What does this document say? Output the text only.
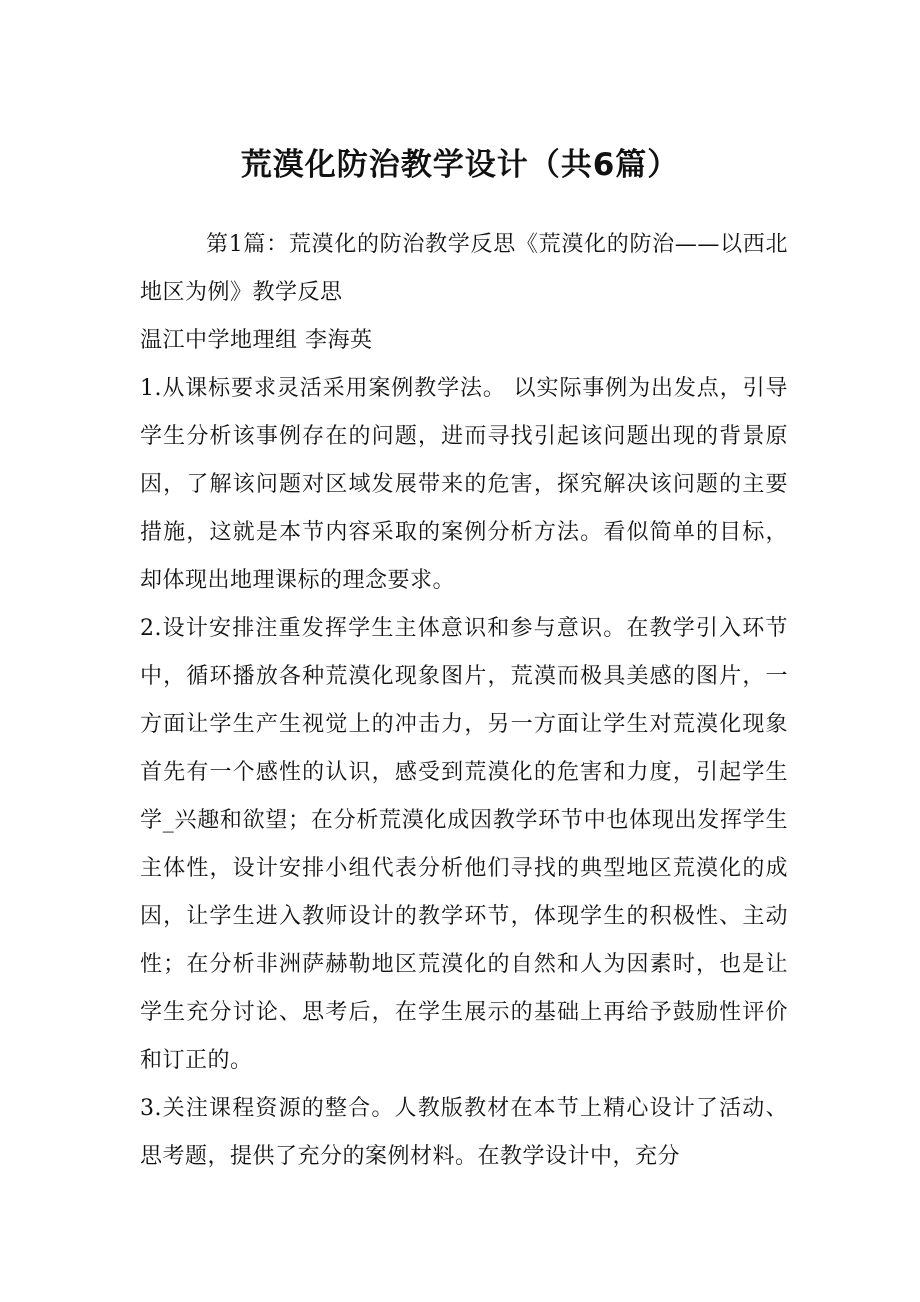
荒漠化防治教学设计（共6篇）

第1篇：荒漠化的防治教学反思《荒漠化的防治——以西北地区为例》教学反思

温江中学地理组 李海英

1.从课标要求灵活采用案例教学法。 以实际事例为出发点，引导学生分析该事例存在的问题，进而寻找引起该问题出现的背景原因，了解该问题对区域发展带来的危害，探究解决该问题的主要措施，这就是本节内容采取的案例分析方法。看似简单的目标，却体现出地理课标的理念要求。

2.设计安排注重发挥学生主体意识和参与意识。在教学引入环节中，循环播放各种荒漠化现象图片，荒漠而极具美感的图片，一方面让学生产生视觉上的冲击力，另一方面让学生对荒漠化现象首先有一个感性的认识，感受到荒漠化的危害和力度，引起学生学_兴趣和欲望；在分析荒漠化成因教学环节中也体现出发挥学生主体性，设计安排小组代表分析他们寻找的典型地区荒漠化的成因，让学生进入教师设计的教学环节，体现学生的积极性、主动性；在分析非洲萨赫勒地区荒漠化的自然和人为因素时，也是让学生充分讨论、思考后，在学生展示的基础上再给予鼓励性评价和订正的。

3.关注课程资源的整合。人教版教材在本节上精心设计了活动、思考题，提供了充分的案例材料。在教学设计中，充分
